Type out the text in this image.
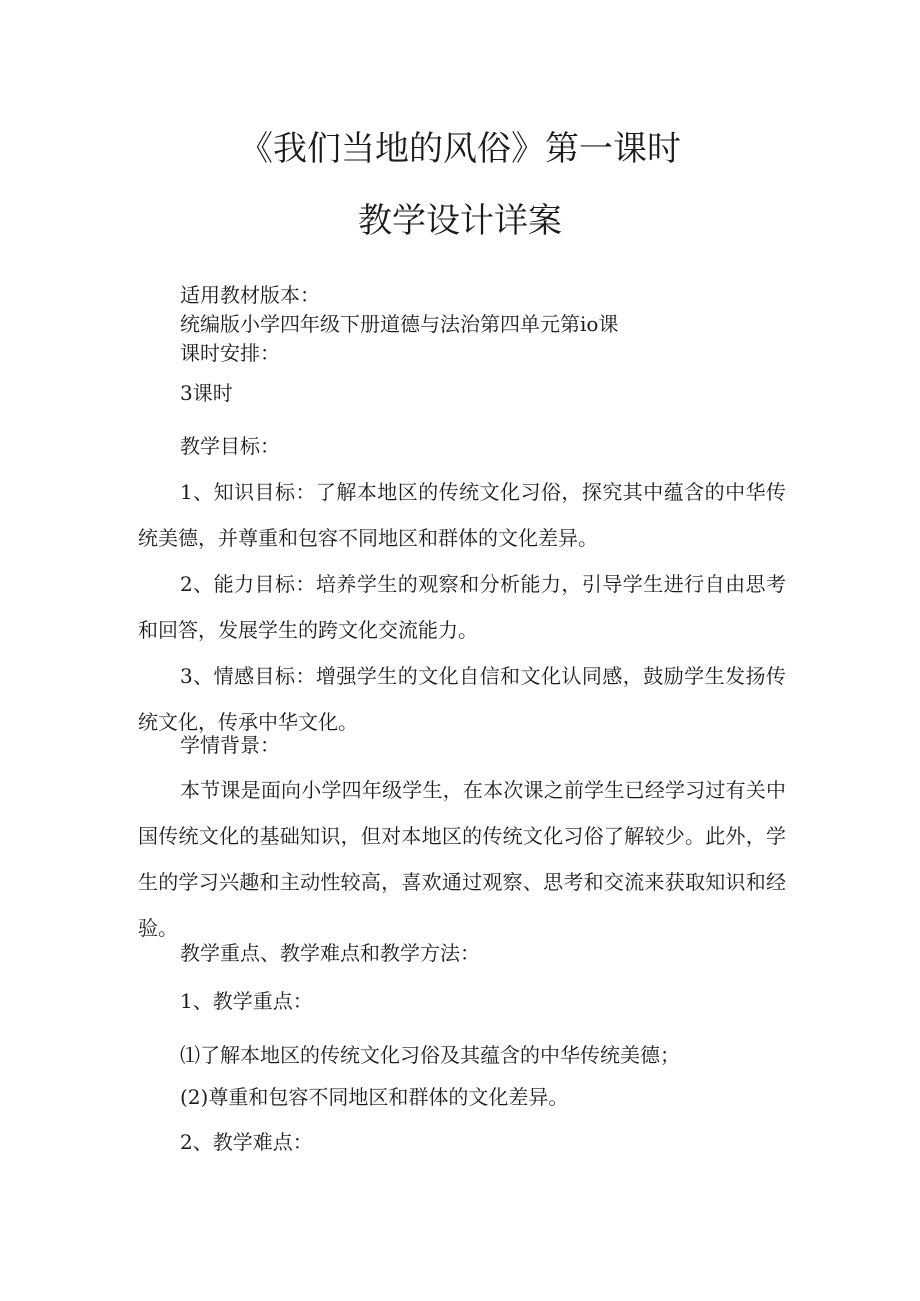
《我们当地的风俗》第一课时
教学设计详案

适用教材版本：

统编版小学四年级下册道德与法治第四单元第io课

课时安排：

3课时

教学目标：

1、知识目标：了解本地区的传统文化习俗，探究其中蕴含的中华传统美德，并尊重和包容不同地区和群体的文化差异。

2、能力目标：培养学生的观察和分析能力，引导学生进行自由思考和回答，发展学生的跨文化交流能力。

3、情感目标：增强学生的文化自信和文化认同感，鼓励学生发扬传统文化，传承中华文化。

学情背景：

本节课是面向小学四年级学生，在本次课之前学生已经学习过有关中国传统文化的基础知识，但对本地区的传统文化习俗了解较少。此外，学生的学习兴趣和主动性较高，喜欢通过观察、思考和交流来获取知识和经验。

教学重点、教学难点和教学方法：

1、教学重点：

⑴了解本地区的传统文化习俗及其蕴含的中华传统美德；

(2)尊重和包容不同地区和群体的文化差异。

2、教学难点：
